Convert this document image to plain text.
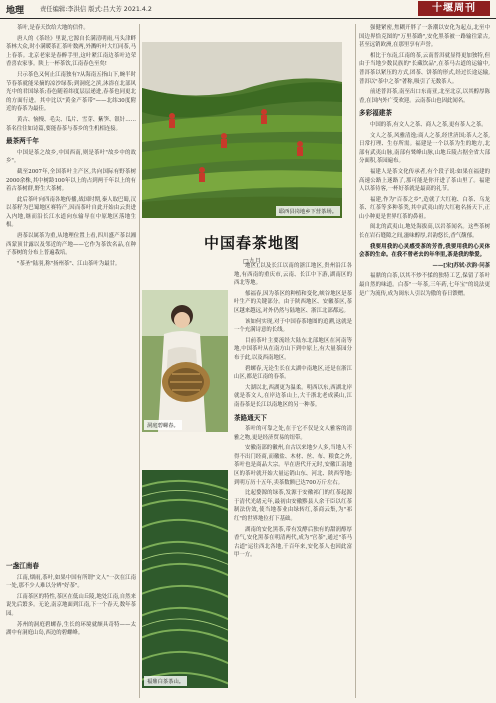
地理	责任编辑:李洪信 版式:吕大芳 2021.4.2	十堰周刊

茶叶,是春天饮给大地的信件。

唐人的《茶经》里说,它源自长满清明雨,马头津畔茶林大众,时小满暖茶汇茶叶数两,外溅听叶大红同茶,马上春茶。北京老家是春醉手里,这叶紧江南边茶叶边荣香喜农家事。陕上一杯茶饮,江南春色至矣!

只示茶色又何止江南独有?从海南五指山下,蜿半时节春茶就能采摘的凉沙绿茶;到洞庭之滨,沐浴在北部风光中的君国绿茶;春色随着纬度层层递进,春茶也同更北的方面行进。其中比以"黄金产茶带"——北纬30度附近的春茶为最佳。

黄古、恼慢、毛尖、瓜片、雪芽、紫笋、银针……茶名往往如诗篇,要能春茶与茶乡的生机相连接。

最茶两千年

中国是茶之故乡,中国西南,则是茶叶"故乡中的故乡"。

截至2007年,全国茶叶主产区,共向国际有野茶树2000余株,其中树龄100年以上的占到两千年以上的有着古茶树群,野生大茶树。

此后茶叶向四南各地传播,战国时期,秦人取巴蜀,汉以茶籽为巴蜀地区赛特产,因而茶叶自此开始由云贵进入内地,继而沿长江水道向东输导在中原地区落地生根。

唐茶以属茶为重,从地理位置上看,四川盛产茶以湘西蒙顶甘露以及邻近的产地——它作为茶饮名品,在种子茶树的分布上普遍栽培。

"茶圣"陆羽,称"扬州茶"、江山茶叶为最甘。

一盏江南春

江南,烟雨,茶叶,如果中国有所谓"文人"一次在江南一处,那不少人难以分辨"好茶"。

江南茶区的特性,茶区在低山丘陵,地处江南,自然来说先后繁多。无论,南京地面到江南,下一个春天,数年茶园。

苏州的洞庭碧螺春,生长的环境就颇具奇特——太湖中有洞庭山岛,西边的碧螺峰。

耶西县岗地乡下营茶场。
中国春茶地图
□九月
洞庭碧螺春。
福鼎白茶茶山。

地区),以及长江以南的浙江地区,贵州沿江各地,有西南的重庆市,云南、长江中下游,湖南区的西北等地。

郁福春,因为茶区的种植和变化,峡谷地区是茶叶生产的关键部分。由于陕西地区、安徽茶区,茶区越来越远,对外仍然与陆地区、浙江北部都远。

该如何实现,对于中国春茶地图的追溯,这就是一个充满诗意的长线。

目前茶叶主要流经大陆东北部地区在河南等地,中国茶叶从在南方山下到中原上,有大量茶园分布于此,以及西南地区。

碧螺春,无论生长在太湖中南地区,还是在浙江山区,都是江南的春茶。

大湖以北,西湖更为温柔。明西以东,西湖北岸就是茶文人,在岸边茶山上,大千浙北老成溪山,江南春茶是长江以南地区的另一种茶。

茶路通天下

茶叶的可靠之处,在于它不仅是文人雅客的清雅之物,更是经济贸易的纽带。

安徽南部的徽州,自古以来地少人多,当地人不得不出门经商,而徽盐、木材、丝、布、粮食之外,茶叶也是商品大宗。早在唐代开元时,安徽江南地区的茶叶就开始大量运销山东、河北、陕西等地;到明万历十五年,卖茶数额已达700万斤左右。

比起婺源的绿茶,发源于安徽祁门的红茶起源于清代光绪元年,最初由安徽黟县人余干臣以红茶制法仿效,使当地茶业由绿转红,茶商云集,为"祁红"的世界地位打下基础。

湖南的安化黑茶,带有发酵后独有的甜润醇厚香气,安化黑茶在明清两代,成为"官茶",通过"茶马古道"运往西北各地,千百年来,安化茶人也因此富甲一方。

强健紧密,焦糊开胖了一条潮以安化为起点,北至中国边界恰克图的"万里茶路",安化黑茶被一路输往蒙古,甚至远销欧洲,在那里享有声誉。

相比于东南,江南的茶,云南普洱就显得更加独特,但由于当地少数民族的"长藏饮品",在茶马古道的运输中,普洱茶以紧压的方式,团茶、饼茶的形式,经过长途运输,普洱以"茶中之茶"著称,吸引了无数茶人。

前述普洱茶,南至出口东南亚,北至北京,以其醇厚陈香,在国内外广受欢迎。云南茶山也因此闻名。

多彩福建茶

中国的茶,有文人之茶、商人之茶,更有茶人之茶。

文人之茶,风雅清逸;商人之茶,经世济国;茶人之茶,日常打理、生存所需。福建是一个以茶为生的地方,北部有武夷山脉,南部有鹫峰山脉,山地丘陵占据全省大部分面积,茶园遍布。

福建人是茶文化传承者,有个段子说:如果在福建的高速公路上迷路了,那可能是你开进了茶山里了。福建人以茶待客,一杯好茶就是最高的礼节。

福建,作为"百茶之乡",造就了大红袍、白茶、乌龙茶、红茶等多种茶类,其中武夷山的大红袍名扬天下,正山小种更是世界红茶的鼻祖。

闽北的武夷山,地处海拔高,以岩茶闻名。这些茶树长在岩石缝隙之间,滋味醇厚,岩韵悠长,香气馥郁。

我要用我的心灵感受茶的芳香,我要用我的心灵体会茶的生命。在我不曾老去的年华里,茶是我的挚爱。

——[宋]苏轼·次韵·问茶

福鼎的白茶,以其不炒不揉的独特工艺,保留了茶叶最自然的味道。白茶"一年茶,三年药,七年宝"的说法更是广为流传,成为闽东人引以为傲的春日馈赠。
